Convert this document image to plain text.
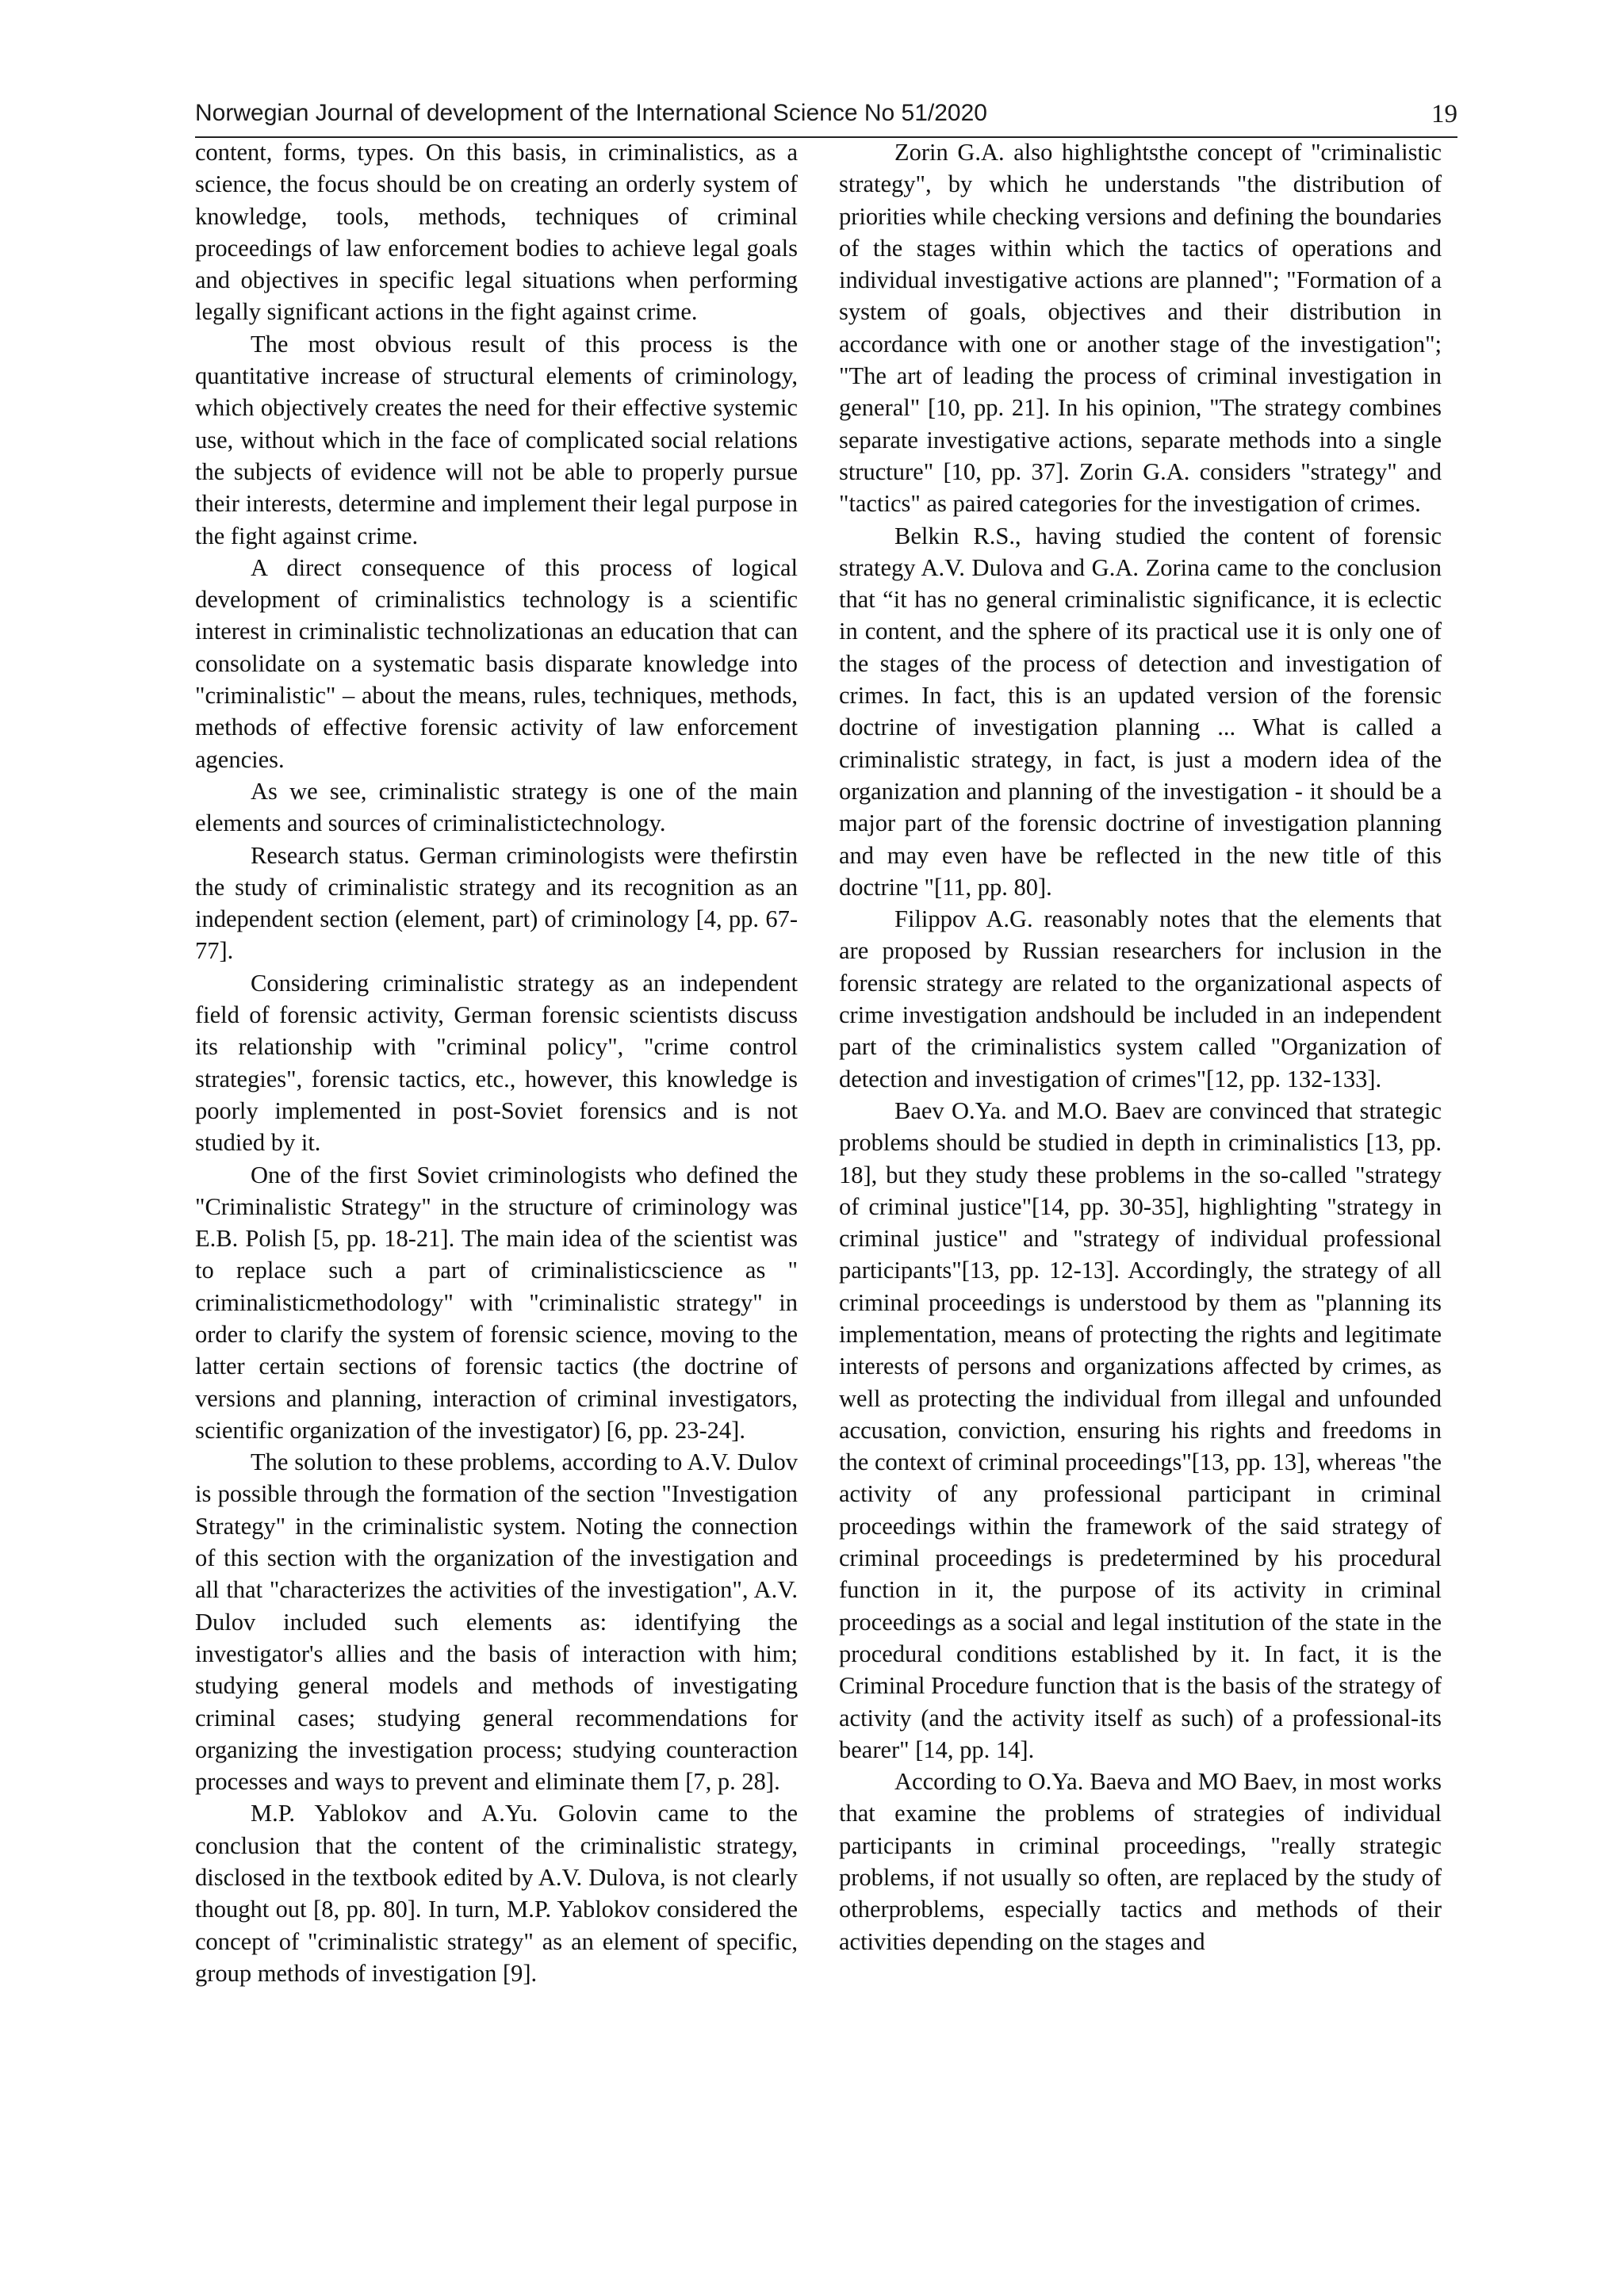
Norwegian Journal of development of the International Science No 51/2020	19

content, forms, types. On this basis, in criminalistics, as a science, the focus should be on creating an orderly system of knowledge, tools, methods, techniques of criminal proceedings of law enforcement bodies to achieve legal goals and objectives in specific legal situations when performing legally significant actions in the fight against crime.

The most obvious result of this process is the quantitative increase of structural elements of criminology, which objectively creates the need for their effective systemic use, without which in the face of complicated social relations the subjects of evidence will not be able to properly pursue their interests, determine and implement their legal purpose in the fight against crime.

A direct consequence of this process of logical development of criminalistics technology is a scientific interest in criminalistic technolizationas an education that can consolidate on a systematic basis disparate knowledge into "criminalistic" – about the means, rules, techniques, methods, methods of effective forensic activity of law enforcement agencies.

As we see, criminalistic strategy is one of the main elements and sources of criminalistictechnology.

Research status. German criminologists were thefirstin the study of criminalistic strategy and its recognition as an independent section (element, part) of criminology [4, pp. 67-77].

Considering criminalistic strategy as an independent field of forensic activity, German forensic scientists discuss its relationship with "criminal policy", "crime control strategies", forensic tactics, etc., however, this knowledge is poorly implemented in post-Soviet forensics and is not studied by it.

One of the first Soviet criminologists who defined the "Criminalistic Strategy" in the structure of criminology was E.B. Polish [5, pp. 18-21]. The main idea of the scientist was to replace such a part of criminalisticscience as " criminalisticmethodology" with "criminalistic strategy" in order to clarify the system of forensic science, moving to the latter certain sections of forensic tactics (the doctrine of versions and planning, interaction of criminal investigators, scientific organization of the investigator) [6, pp. 23-24].

The solution to these problems, according to A.V. Dulov is possible through the formation of the section "Investigation Strategy" in the criminalistic system. Noting the connection of this section with the organization of the investigation and all that "characterizes the activities of the investigation", A.V. Dulov included such elements as: identifying the investigator's allies and the basis of interaction with him; studying general models and methods of investigating criminal cases; studying general recommendations for organizing the investigation process; studying counteraction processes and ways to prevent and eliminate them [7, p. 28].

M.P. Yablokov and A.Yu. Golovin came to the conclusion that the content of the criminalistic strategy, disclosed in the textbook edited by A.V. Dulova, is not clearly thought out [8, pp. 80]. In turn, M.P. Yablokov considered the concept of "criminalistic strategy" as an element of specific, group methods of investigation [9].

Zorin G.A. also highlightsthe concept of "criminalistic strategy", by which he understands "the distribution of priorities while checking versions and defining the boundaries of the stages within which the tactics of operations and individual investigative actions are planned"; "Formation of a system of goals, objectives and their distribution in accordance with one or another stage of the investigation"; "The art of leading the process of criminal investigation in general" [10, pp. 21]. In his opinion, "The strategy combines separate investigative actions, separate methods into a single structure" [10, pp. 37]. Zorin G.A. considers "strategy" and "tactics" as paired categories for the investigation of crimes.

Belkin R.S., having studied the content of forensic strategy A.V. Dulova and G.A. Zorina came to the conclusion that “it has no general criminalistic significance, it is eclectic in content, and the sphere of its practical use it is only one of the stages of the process of detection and investigation of crimes. In fact, this is an updated version of the forensic doctrine of investigation planning ... What is called a criminalistic strategy, in fact, is just a modern idea of the organization and planning of the investigation - it should be a major part of the forensic doctrine of investigation planning and may even have be reflected in the new title of this doctrine "[11, pp. 80].

Filippov A.G. reasonably notes that the elements that are proposed by Russian researchers for inclusion in the forensic strategy are related to the organizational aspects of crime investigation andshould be included in an independent part of the criminalistics system called "Organization of detection and investigation of crimes"[12, pp. 132-133].

Baev O.Ya. and M.O. Baev are convinced that strategic problems should be studied in depth in criminalistics [13, pp. 18], but they study these problems in the so-called "strategy of criminal justice"[14, pp. 30-35], highlighting "strategy in criminal justice" and "strategy of individual professional participants"[13, pp. 12-13]. Accordingly, the strategy of all criminal proceedings is understood by them as "planning its implementation, means of protecting the rights and legitimate interests of persons and organizations affected by crimes, as well as protecting the individual from illegal and unfounded accusation, conviction, ensuring his rights and freedoms in the context of criminal proceedings"[13, pp. 13], whereas "the activity of any professional participant in criminal proceedings within the framework of the said strategy of criminal proceedings is predetermined by his procedural function in it, the purpose of its activity in criminal proceedings as a social and legal institution of the state in the procedural conditions established by it. In fact, it is the Criminal Procedure function that is the basis of the strategy of activity (and the activity itself as such) of a professional-its bearer" [14, pp. 14].

According to O.Ya. Baeva and MO Baev, in most works that examine the problems of strategies of individual participants in criminal proceedings, "really strategic problems, if not usually so often, are replaced by the study of otherproblems, especially tactics and methods of their activities depending on the stages and
